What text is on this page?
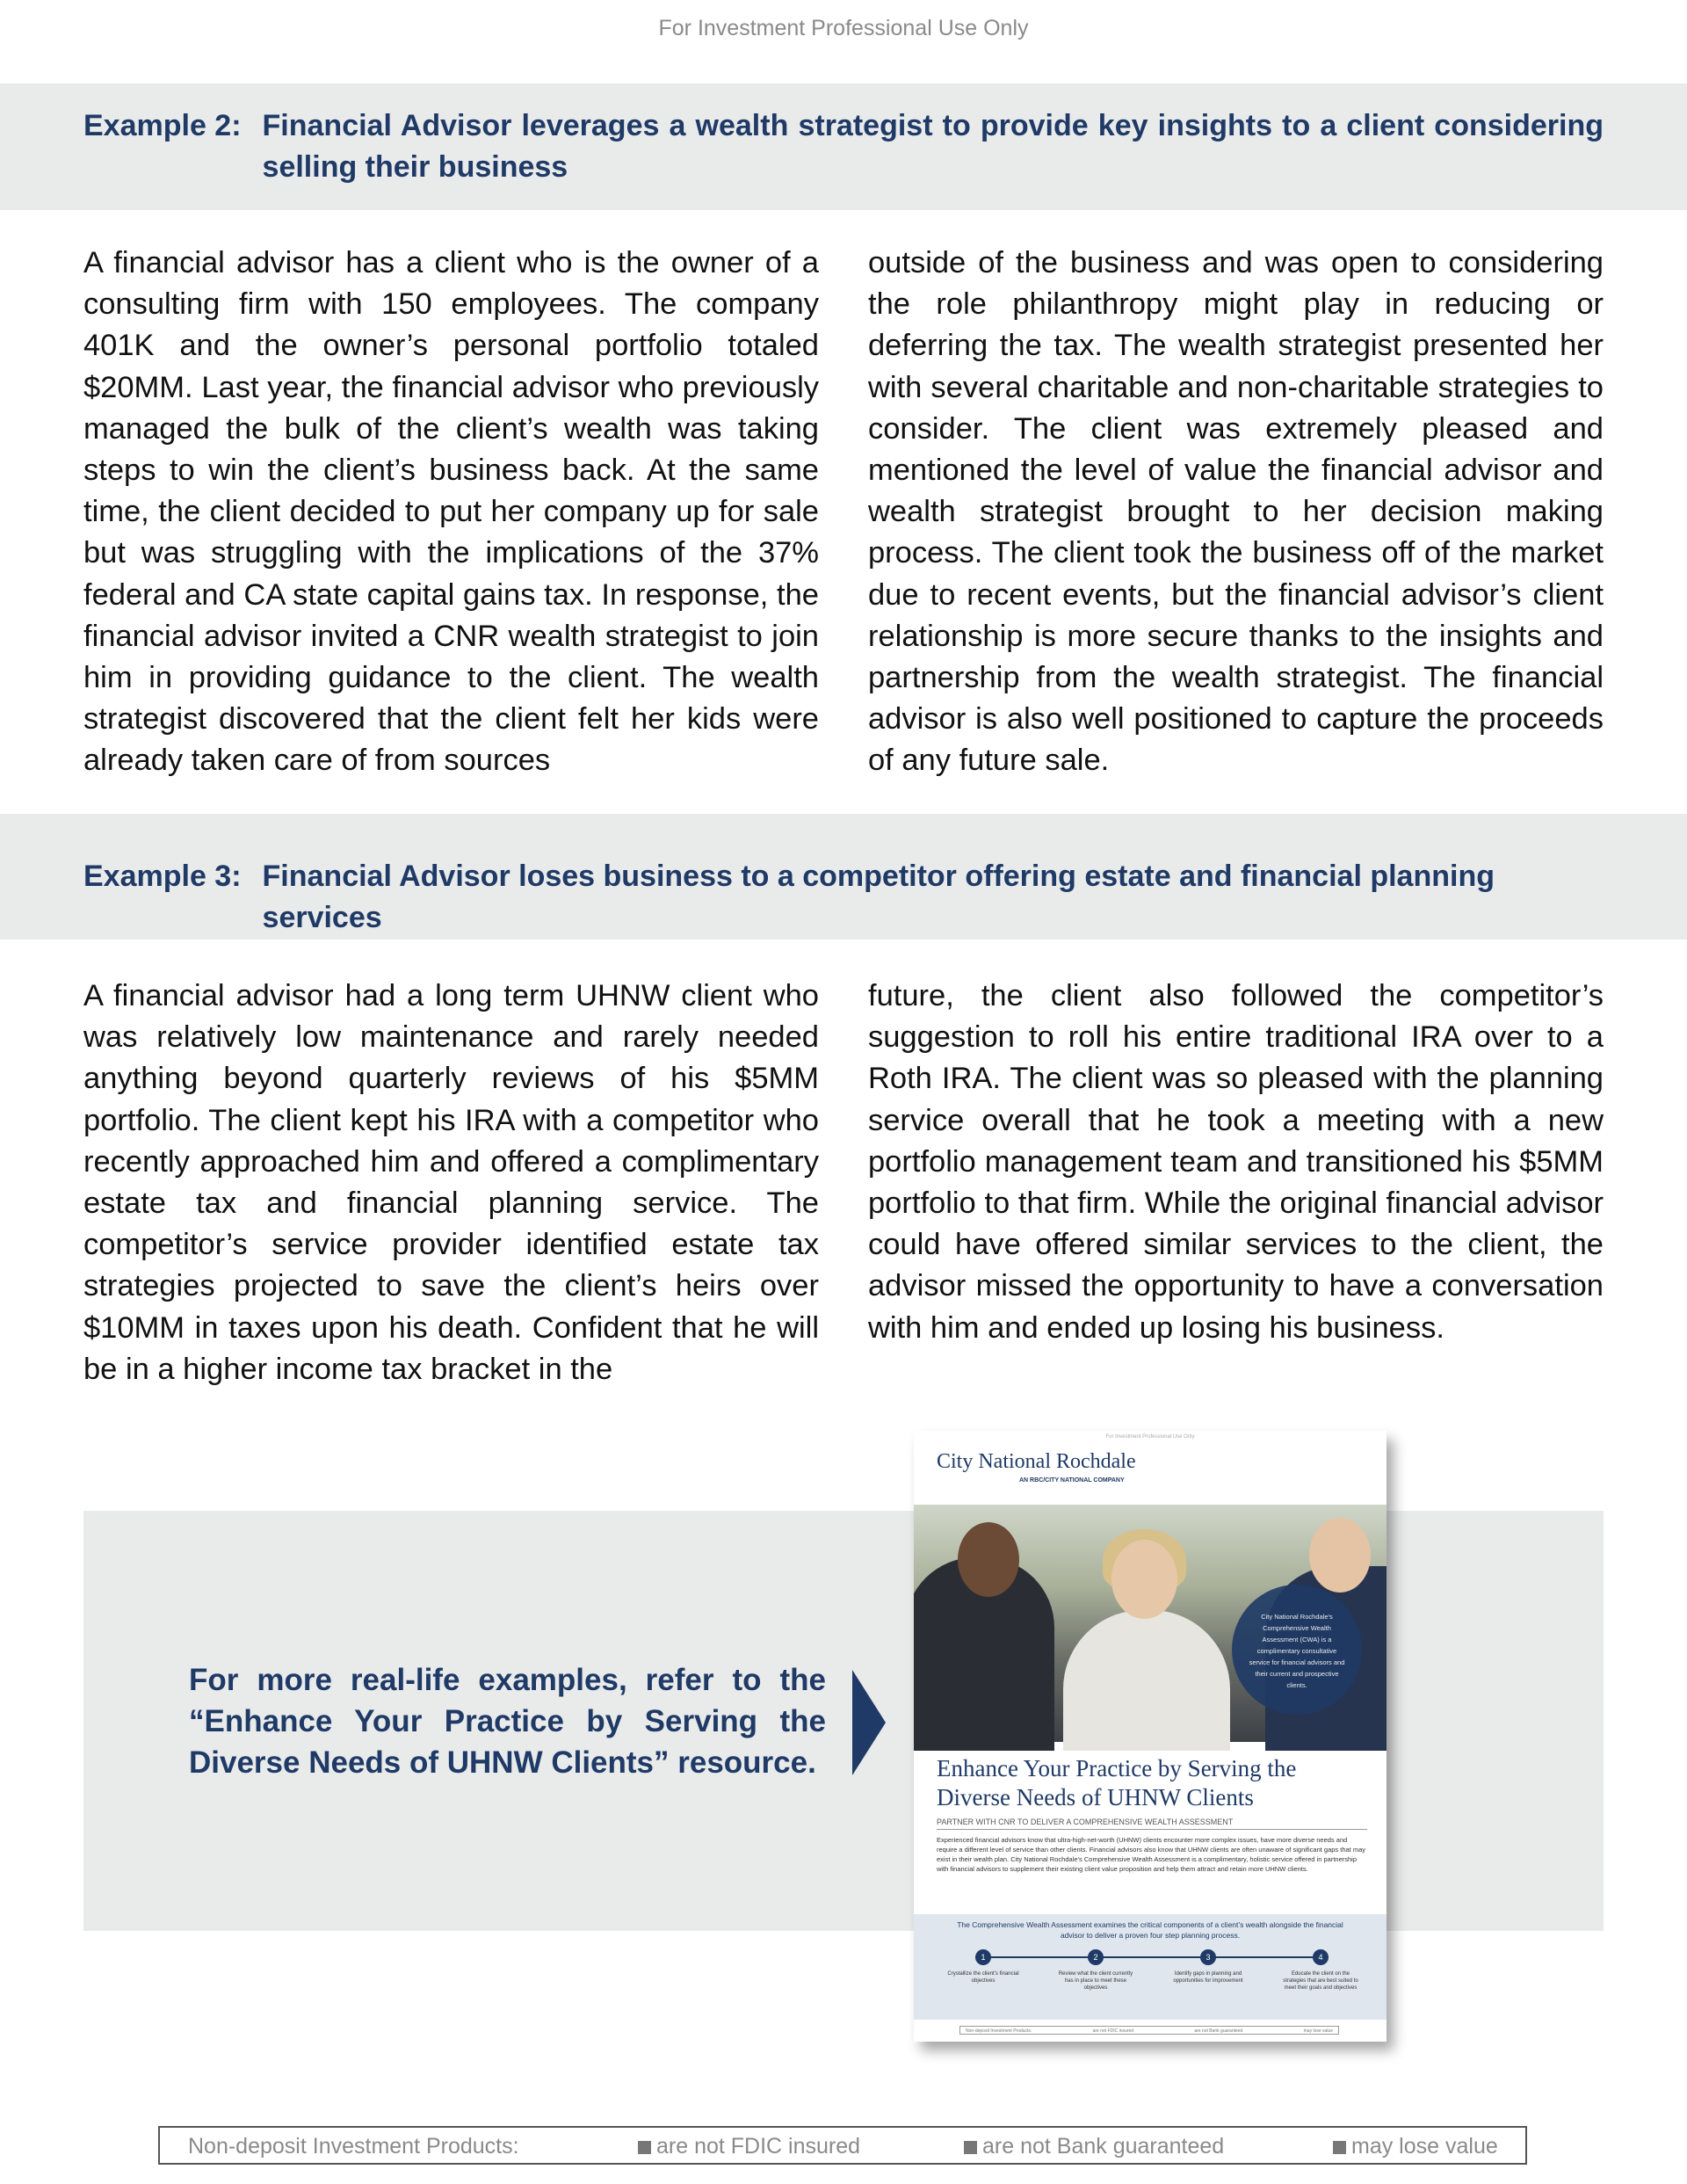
For Investment Professional Use Only
Example 2: Financial Advisor leverages a wealth strategist to provide key insights to a client considering selling their business
A financial advisor has a client who is the owner of a consulting firm with 150 employees. The company 401K and the owner’s personal portfolio totaled $20MM. Last year, the financial advisor who previously managed the bulk of the client’s wealth was taking steps to win the client’s business back. At the same time, the client decided to put her company up for sale but was struggling with the implications of the 37% federal and CA state capital gains tax. In response, the financial advisor invited a CNR wealth strategist to join him in providing guidance to the client. The wealth strategist discovered that the client felt her kids were already taken care of from sources
outside of the business and was open to considering the role philanthropy might play in reducing or deferring the tax. The wealth strategist presented her with several charitable and non-charitable strategies to consider. The client was extremely pleased and mentioned the level of value the financial advisor and wealth strategist brought to her decision making process. The client took the business off of the market due to recent events, but the financial advisor’s client relationship is more secure thanks to the insights and partnership from the wealth strategist. The financial advisor is also well positioned to capture the proceeds of any future sale.
Example 3: Financial Advisor loses business to a competitor offering estate and financial planning services
A financial advisor had a long term UHNW client who was relatively low maintenance and rarely needed anything beyond quarterly reviews of his $5MM portfolio. The client kept his IRA with a competitor who recently approached him and offered a complimentary estate tax and financial planning service. The competitor’s service provider identified estate tax strategies projected to save the client’s heirs over $10MM in taxes upon his death. Confident that he will be in a higher income tax bracket in the
future, the client also followed the competitor’s suggestion to roll his entire traditional IRA over to a Roth IRA. The client was so pleased with the planning service overall that he took a meeting with a new portfolio management team and transitioned his $5MM portfolio to that firm. While the original financial advisor could have offered similar services to the client, the advisor missed the opportunity to have a conversation with him and ended up losing his business.
For more real-life examples, refer to the “Enhance Your Practice by Serving the Diverse Needs of UHNW Clients” resource.
For Investment Professional Use Only
City National Rochdale
AN RBC/CITY NATIONAL COMPANY
City National Rochdale’s Comprehensive Wealth Assessment (CWA) is a complimentary consultative service for financial advisors and their current and prospective clients.
Enhance Your Practice by Serving the Diverse Needs of UHNW Clients
PARTNER WITH CNR TO DELIVER A COMPREHENSIVE WEALTH ASSESSMENT
Experienced financial advisors know that ultra-high-net-worth (UHNW) clients encounter more complex issues, have more diverse needs and require a different level of service than other clients. Financial advisors also know that UHNW clients are often unaware of significant gaps that may exist in their wealth plan. City National Rochdale’s Comprehensive Wealth Assessment is a complimentary, holistic service offered in partnership with financial advisors to supplement their existing client value proposition and help them attract and retain more UHNW clients.
The Comprehensive Wealth Assessment examines the critical components of a client’s wealth alongside the financial advisor to deliver a proven four step planning process.
1	2	3	4
Crystallize the client’s financial objectives
Review what the client currently has in place to meet these objectives
Identify gaps in planning and opportunities for improvement
Educate the client on the strategies that are best suited to meet their goals and objectives
Non-deposit Investment Products:	are not FDIC insured	are not Bank guaranteed	may lose value
Non-deposit Investment Products:	are not FDIC insured	are not Bank guaranteed	may lose value
